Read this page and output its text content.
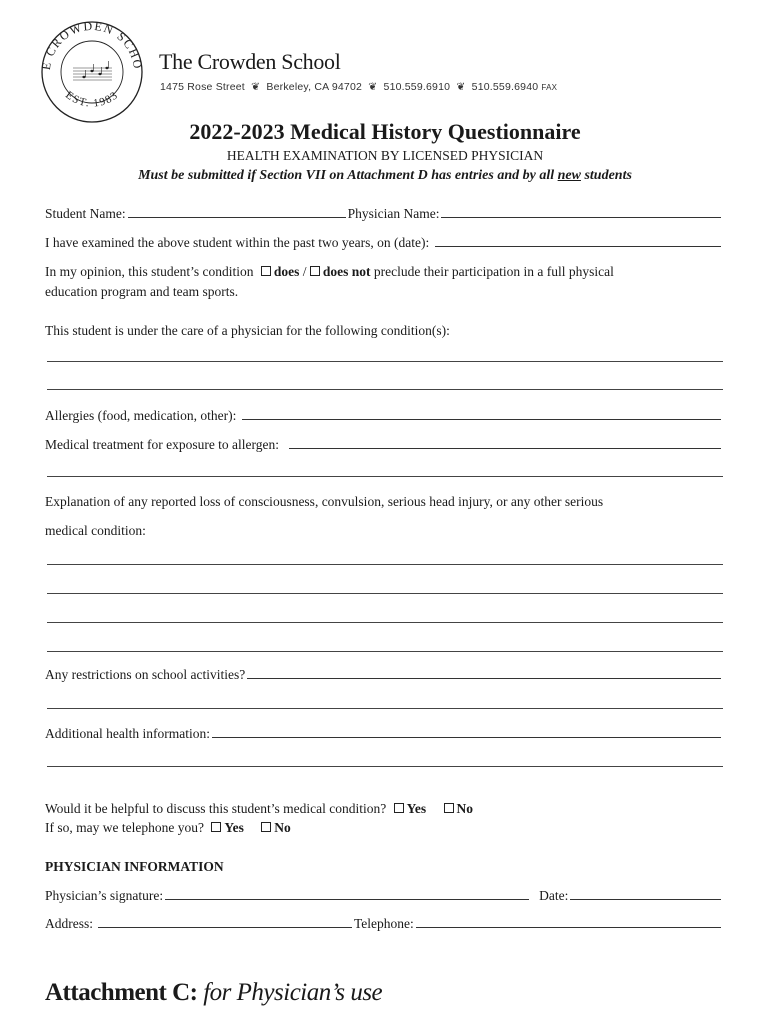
E CROWDEN SCHO
EST. 1983
The Crowden School
1475 Rose Street  ❦  Berkeley, CA 94702  ❦  510.559.6910  ❦  510.559.6940 FAX
2022-2023 Medical History Questionnaire
HEALTH EXAMINATION BY LICENSED PHYSICIAN
Must be submitted if Section VII on Attachment D has entries and by all new students
Student Name:	Physician Name:
I have examined the above student within the past two years, on (date):
In my opinion, this student’s condition does / does not preclude their participation in a full physical
education program and team sports.
This student is under the care of a physician for the following condition(s):
Allergies (food, medication, other):
Medical treatment for exposure to allergen:
Explanation of any reported loss of consciousness, convulsion, serious head injury, or any other serious
medical condition:
Any restrictions on school activities?
Additional health information:
Would it be helpful to discuss this student’s medical condition? Yes No
If so, may we telephone you? Yes No
PHYSICIAN INFORMATION
Physician’s signature:	Date:
Address:	Telephone:
Attachment C: for Physician’s use
